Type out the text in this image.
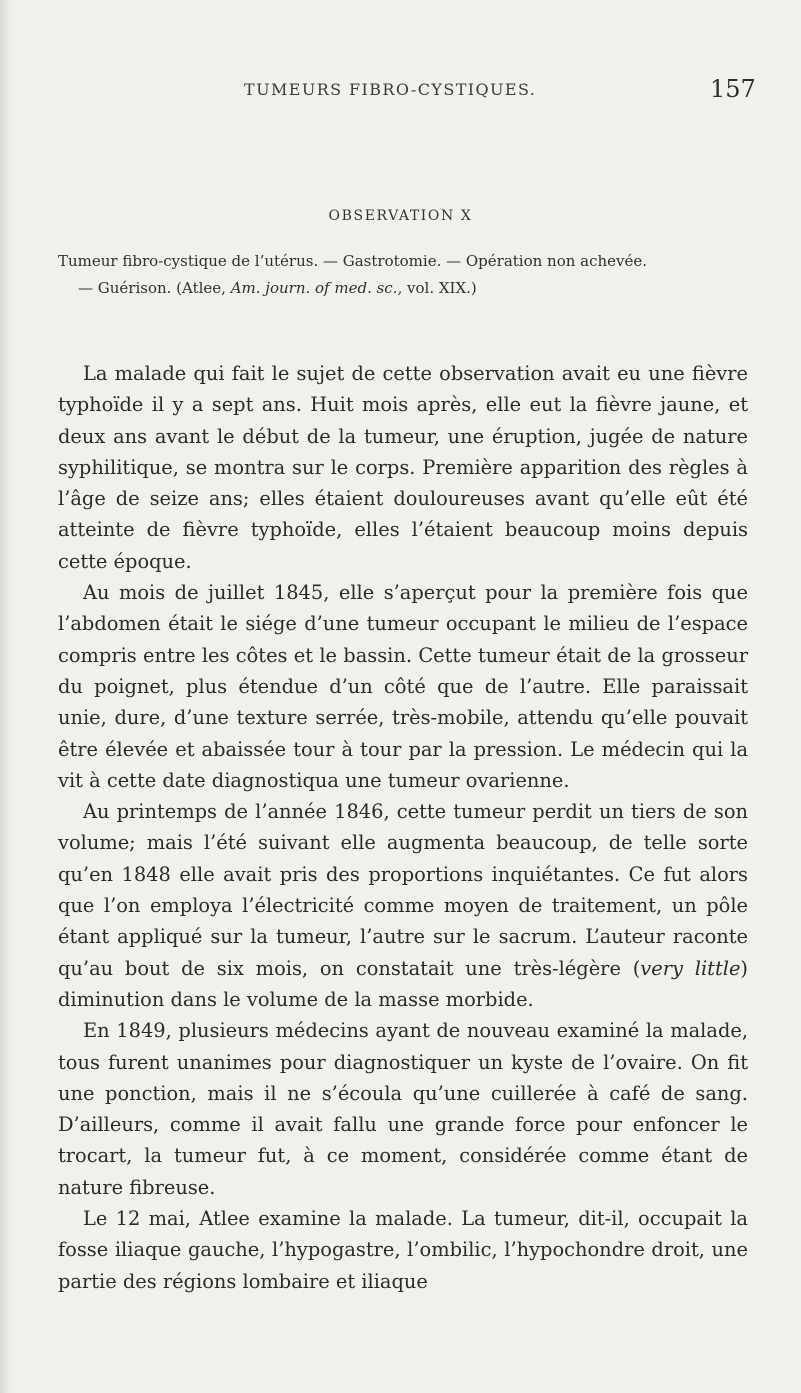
TUMEURS FIBRO-CYSTIQUES.	157
OBSERVATION X
Tumeur fibro-cystique de l’utérus. — Gastrotomie. — Opération non achevée.
— Guérison. (Atlee, Am. journ. of med. sc., vol. XIX.)

La malade qui fait le sujet de cette observation avait eu une fièvre typhoïde il y a sept ans. Huit mois après, elle eut la fièvre jaune, et deux ans avant le début de la tumeur, une éruption, jugée de nature syphilitique, se montra sur le corps. Première apparition des règles à l’âge de seize ans; elles étaient douloureuses avant qu’elle eût été atteinte de fièvre typhoïde, elles l’étaient beaucoup moins depuis cette époque.

Au mois de juillet 1845, elle s’aperçut pour la première fois que l’abdomen était le siége d’une tumeur occupant le milieu de l’espace compris entre les côtes et le bassin. Cette tumeur était de la grosseur du poignet, plus étendue d’un côté que de l’autre. Elle paraissait unie, dure, d’une texture serrée, très-mobile, attendu qu’elle pouvait être élevée et abaissée tour à tour par la pression. Le médecin qui la vit à cette date diagnostiqua une tumeur ovarienne.

Au printemps de l’année 1846, cette tumeur perdit un tiers de son volume; mais l’été suivant elle augmenta beaucoup, de telle sorte qu’en 1848 elle avait pris des proportions inquiétantes. Ce fut alors que l’on employa l’électricité comme moyen de traitement, un pôle étant appliqué sur la tumeur, l’autre sur le sacrum. L’auteur raconte qu’au bout de six mois, on constatait une très-légère (very little) diminution dans le volume de la masse morbide.

En 1849, plusieurs médecins ayant de nouveau examiné la malade, tous furent unanimes pour diagnostiquer un kyste de l’ovaire. On fit une ponction, mais il ne s’écoula qu’une cuillerée à café de sang. D’ailleurs, comme il avait fallu une grande force pour enfoncer le trocart, la tumeur fut, à ce moment, considérée comme étant de nature fibreuse.

Le 12 mai, Atlee examine la malade. La tumeur, dit-il, occupait la fosse iliaque gauche, l’hypogastre, l’ombilic, l’hypochondre droit, une partie des régions lombaire et iliaque
